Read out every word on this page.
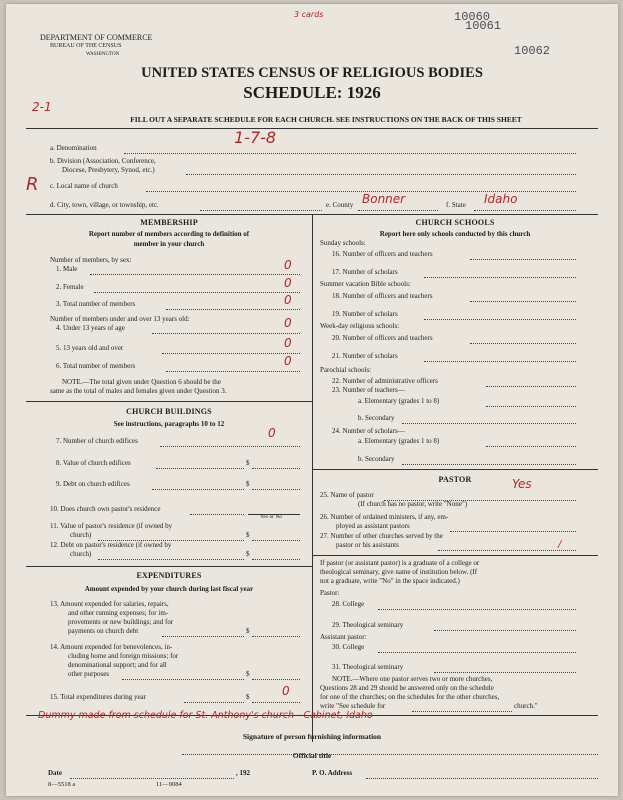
3 cards	10060
10061
10062
DEPARTMENT OF COMMERCE
BUREAU OF THE CENSUS
WASHINGTON
UNITED STATES CENSUS OF RELIGIOUS BODIES
SCHEDULE: 1926
2-1
FILL OUT A SEPARATE SCHEDULE FOR EACH CHURCH. SEE INSTRUCTIONS ON THE BACK OF THIS SHEET
a. Denomination
1-7-8
b. Division (Association, Conference,
Diocese, Presbytery, Synod, etc.)
R c. Local name of church
d. City, town, village, or township, etc.	e. County Bonner	f. State Idaho
MEMBERSHIP
Report number of members according to definition of
member in your church
Number of members, by sex:
1. Male	0
2. Female	0
3. Total number of members	0
Number of members under and over 13 years old:
4. Under 13 years of age	0
5. 13 years old and over	0
6. Total number of members	0
NOTE.—The total given under Question 6 should be the
same as the total of males and females given under Question 3.
CHURCH BUILDINGS
See instructions, paragraphs 10 to 12
7. Number of church edifices
0
8. Value of church edifices	$
9. Debt on church edifices	$
10. Does church own pastor's residence
Yes or No
11. Value of pastor's residence (if owned by
church)	$
12. Debt on pastor's residence (if owned by
church)	$
EXPENDITURES
Amount expended by your church during last fiscal year
13. Amount expended for salaries, repairs,
and other running expenses; for im-
provements or new buildings; and for
payments on church debt	$
14. Amount expended for benevolences, in-
cluding home and foreign missions; for
denominational support; and for all
other purposes	$
15. Total expenditures during year	$	0
CHURCH SCHOOLS
Report here only schools conducted by this church
Sunday schools:
16. Number of officers and teachers
17. Number of scholars
Summer vacation Bible schools:
18. Number of officers and teachers
19. Number of scholars
Week-day religious schools:
20. Number of officers and teachers
21. Number of scholars
Parochial schools:
22. Number of administrative officers
23. Number of teachers—
a. Elementary (grades 1 to 8)
b. Secondary
24. Number of scholars—
a. Elementary (grades 1 to 8)
b. Secondary
PASTOR
25. Name of pastor
Yes
(If church has no pastor, write "None")
26. Number of ordained ministers, if any, em-
ployed as assistant pastors
27. Number of other churches served by the
pastor or his assistants	/
If pastor (or assistant pastor) is a graduate of a college or
theological seminary, give name of institution below. (If
not a graduate, write "No" in the space indicated.)
Pastor:
28. College
29. Theological seminary
Assistant pastor:
30. College
31. Theological seminary
NOTE.—Where one pastor serves two or more churches,
Questions 28 and 29 should be answered only on the schedule
for one of the churches; on the schedules for the other churches,
write "See schedule for	church."
Dummy made from schedule for St. Anthony's church - Cabinet, Idaho
Signature of person furnishing information
Official title
Date	, 192	P. O. Address
8—5518 a	11—9084
